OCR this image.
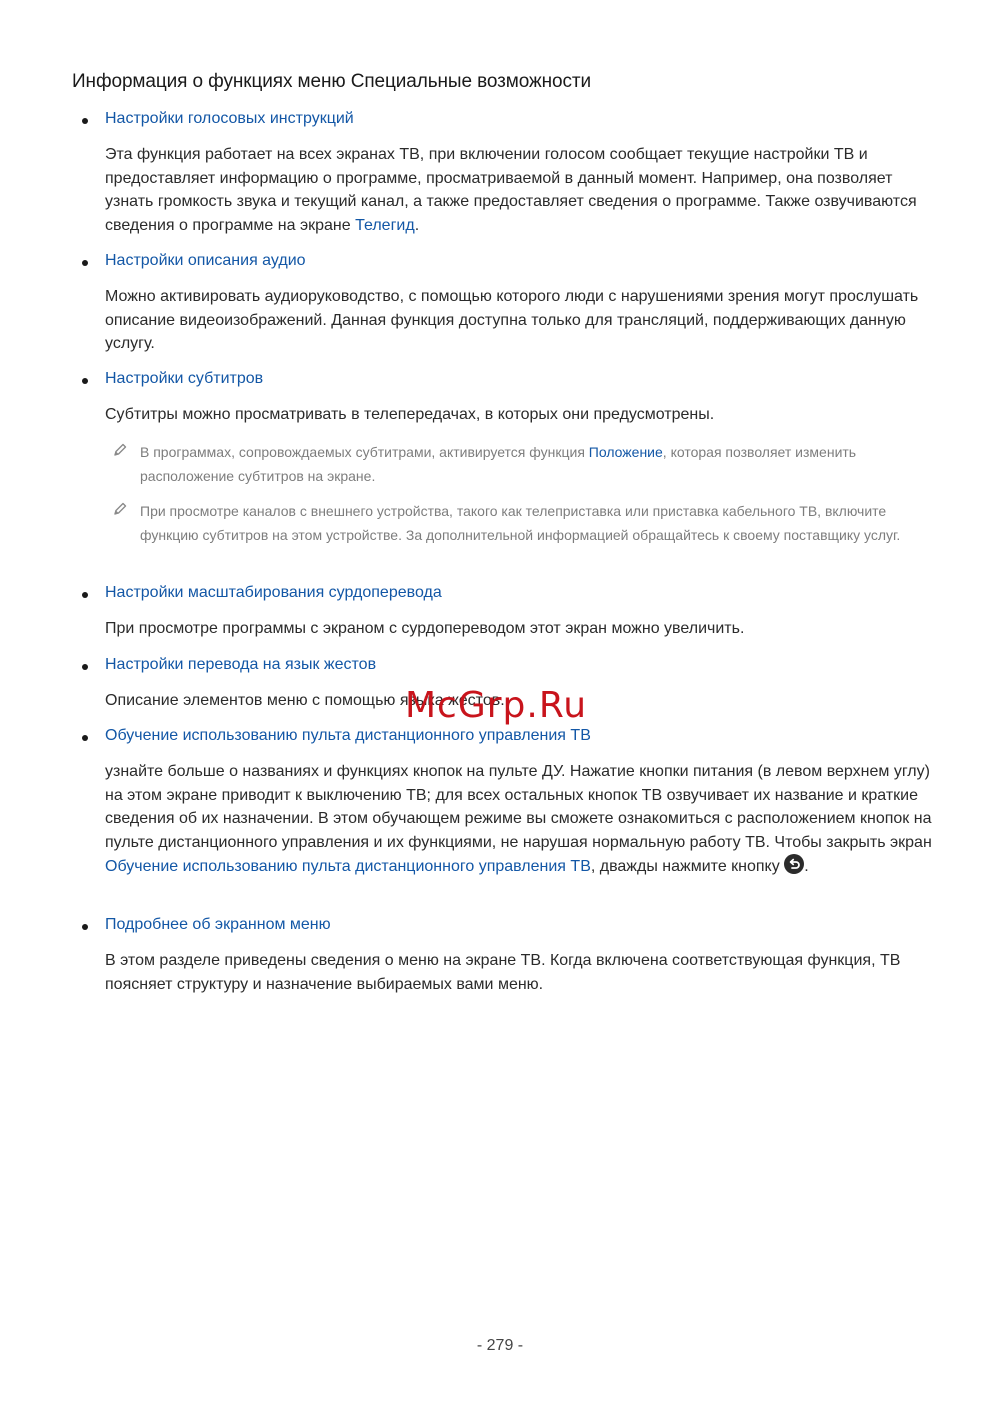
Информация о функциях меню Специальные возможности
Настройки голосовых инструкций

Эта функция работает на всех экранах ТВ, при включении голосом сообщает текущие настройки ТВ и предоставляет информацию о программе, просматриваемой в данный момент. Например, она позволяет узнать громкость звука и текущий канал, а также предоставляет сведения о программе. Также озвучиваются сведения о программе на экране Телегид.

Настройки описания аудио

Можно активировать аудиоруководство, с помощью которого люди с нарушениями зрения могут прослушать описание видеоизображений. Данная функция доступна только для трансляций, поддерживающих данную услугу.

Настройки субтитров

Субтитры можно просматривать в телепередачах, в которых они предусмотрены.

В программах, сопровождаемых субтитрами, активируется функция Положение, которая позволяет изменить расположение субтитров на экране.

При просмотре каналов с внешнего устройства, такого как телеприставка или приставка кабельного ТВ, включите функцию субтитров на этом устройстве. За дополнительной информацией обращайтесь к своему поставщику услуг.

Настройки масштабирования сурдоперевода

При просмотре программы с экраном с сурдопереводом этот экран можно увеличить.

Настройки перевода на язык жестов

Описание элементов меню с помощью языка жестов.

Обучение использованию пульта дистанционного управления ТВ

узнайте больше о названиях и функциях кнопок на пульте ДУ. Нажатие кнопки питания (в левом верхнем углу) на этом экране приводит к выключению ТВ; для всех остальных кнопок ТВ озвучивает их название и краткие сведения об их назначении. В этом обучающем режиме вы сможете ознакомиться с расположением кнопок на пульте дистанционного управления и их функциями, не нарушая нормальную работу ТВ. Чтобы закрыть экран Обучение использованию пульта дистанционного управления ТВ, дважды нажмите кнопку .

Подробнее об экранном меню

В этом разделе приведены сведения о меню на экране ТВ. Когда включена соответствующая функция, ТВ поясняет структуру и назначение выбираемых вами меню.

McGrp.Ru
- 279 -
